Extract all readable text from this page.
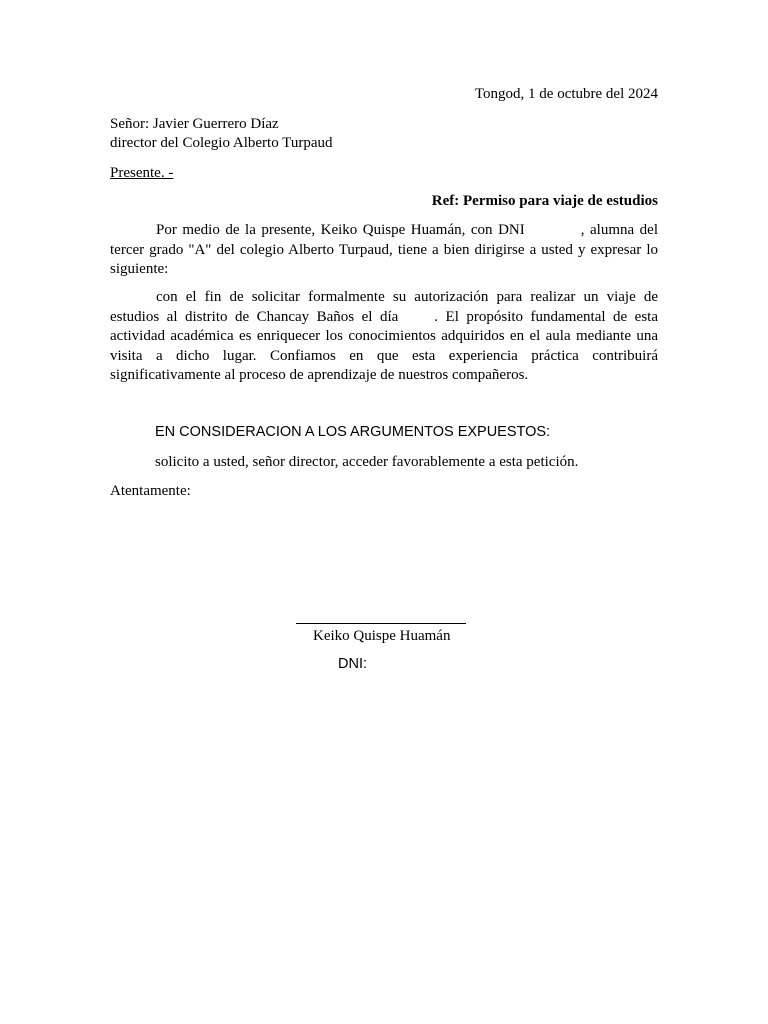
Tongod, 1 de octubre del 2024

Señor: Javier Guerrero Díaz

director del Colegio Alberto Turpaud

Presente. -

Ref: Permiso para viaje de estudios

Por medio de la presente, Keiko Quispe Huamán, con DNI	, alumna del tercer grado "A" del colegio Alberto Turpaud, tiene a bien dirigirse a usted y expresar lo siguiente:

con el fin de solicitar formalmente su autorización para realizar un viaje de estudios al distrito de Chancay Baños el día . El propósito fundamental de esta actividad académica es enriquecer los conocimientos adquiridos en el aula mediante una visita a dicho lugar. Confiamos en que esta experiencia práctica contribuirá significativamente al proceso de aprendizaje de nuestros compañeros.

EN CONSIDERACION A LOS ARGUMENTOS EXPUESTOS:

solicito a usted, señor director, acceder favorablemente a esta petición.

Atentamente:

Keiko Quispe Huamán

DNI:
